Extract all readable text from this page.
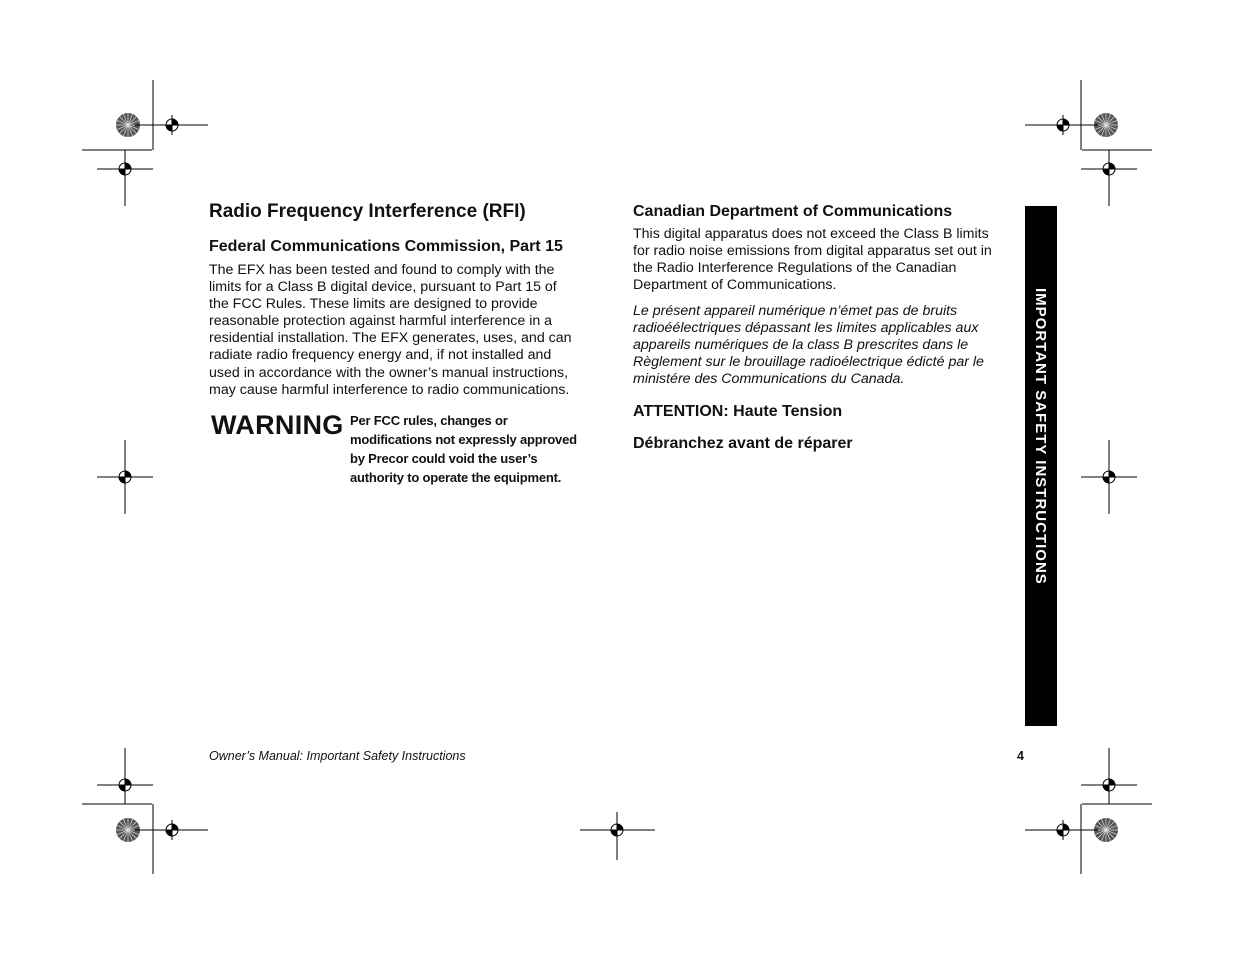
Radio Frequency Interference (RFI)
Federal Communications Commission, Part 15
The EFX has been tested and found to comply with the
limits for a Class B digital device, pursuant to Part 15 of
the FCC Rules. These limits are designed to provide
reasonable protection against harmful interference in a
residential installation. The EFX generates, uses, and can
radiate radio frequency energy and, if not installed and
used in accordance with the owner’s manual instructions,
may cause harmful interference to radio communications.
WARNING Per FCC rules, changes or
modifications not expressly approved
by Precor could void the user’s
authority to operate the equipment.
Canadian Department of Communications
This digital apparatus does not exceed the Class B limits
for radio noise emissions from digital apparatus set out in
the Radio Interference Regulations of the Canadian
Department of Communications.
Le présent appareil numérique n’émet pas de bruits
radioéélectriques dépassant les limites applicables aux
appareils numériques de la class B prescrites dans le
Règlement sur le brouillage radioélectrique édicté par le
ministére des Communications du Canada.
ATTENTION: Haute Tension
Débranchez avant de réparer	IMPORTANT SAFETY INSTRUCTIONS
Owner’s Manual: Important Safety Instructions	4
